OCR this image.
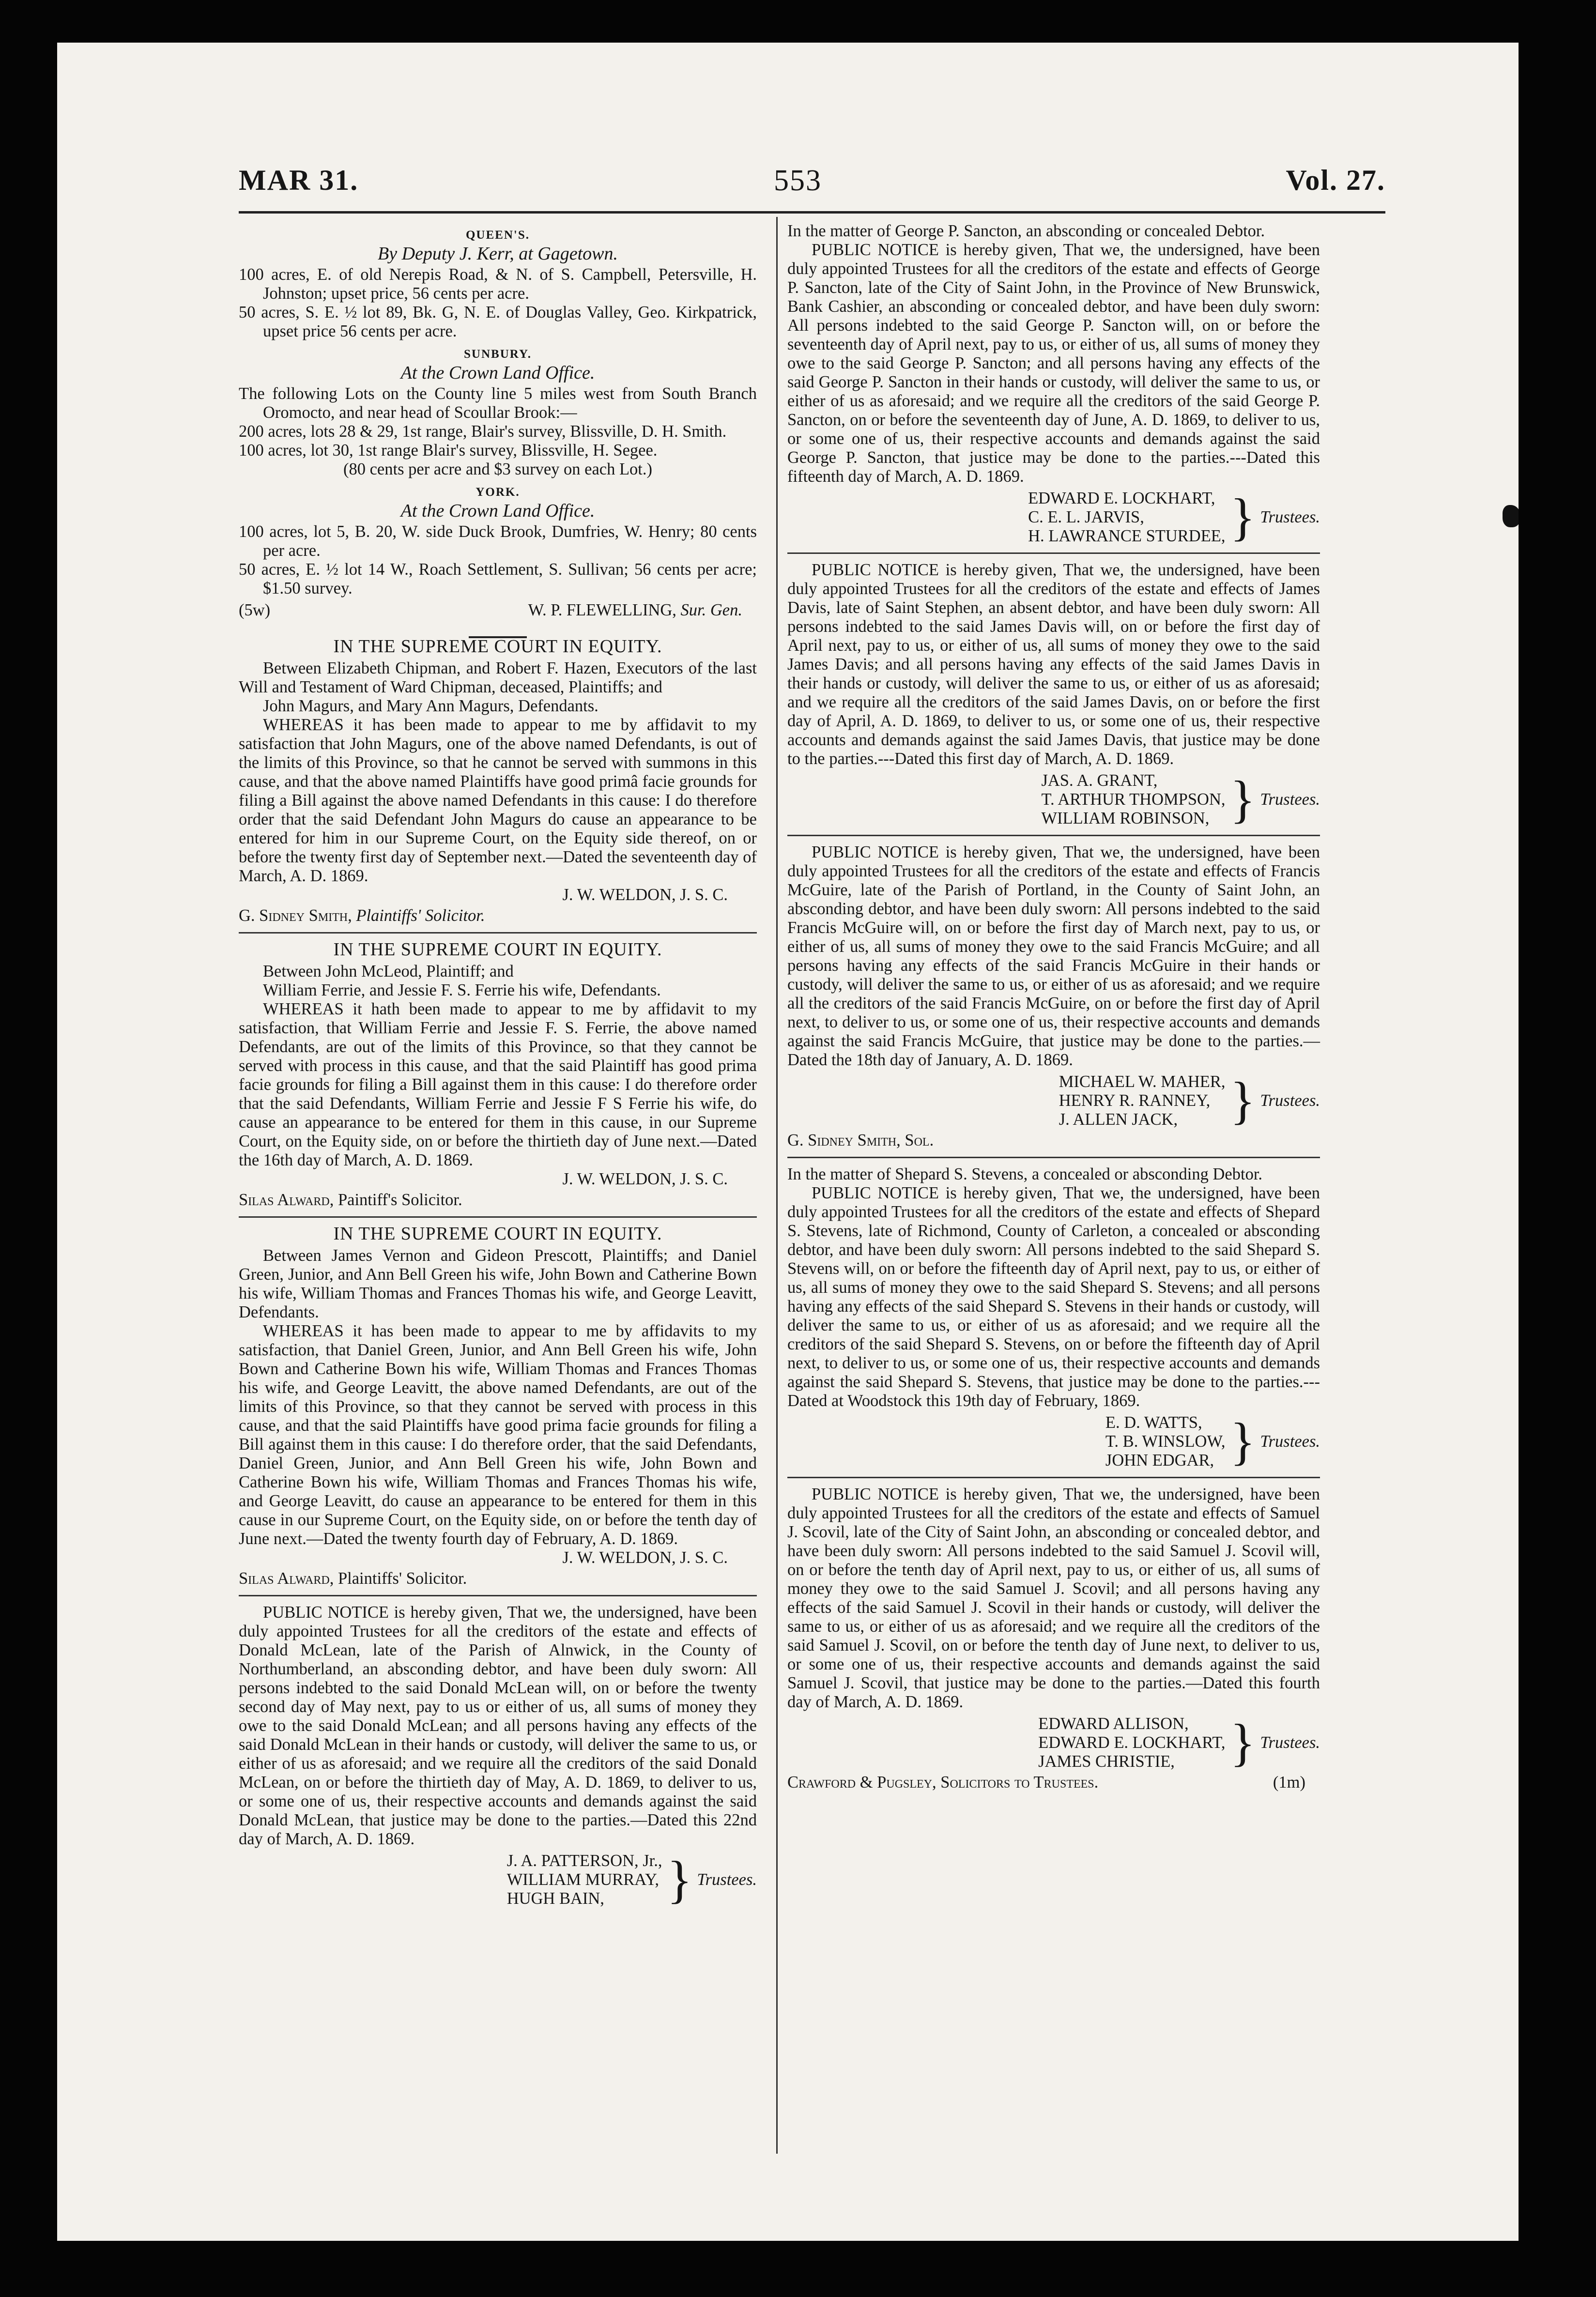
MAR 31.	553	Vol. 27.

QUEEN'S.

By Deputy J. Kerr, at Gagetown.

100 acres, E. of old Nerepis Road, & N. of S. Campbell, Petersville, H. Johnston; upset price, 56 cents per acre.

50 acres, S. E. ½ lot 89, Bk. G, N. E. of Douglas Valley, Geo. Kirkpatrick, upset price 56 cents per acre.

SUNBURY.

At the Crown Land Office.

The following Lots on the County line 5 miles west from South Branch Oromocto, and near head of Scoullar Brook:—

200 acres, lots 28 & 29, 1st range, Blair's survey, Blissville, D. H. Smith.

100 acres, lot 30, 1st range Blair's survey, Blissville, H. Segee.

(80 cents per acre and $3 survey on each Lot.)

YORK.

At the Crown Land Office.

100 acres, lot 5, B. 20, W. side Duck Brook, Dumfries, W. Henry; 80 cents per acre.

50 acres, E. ½ lot 14 W., Roach Settlement, S. Sullivan; 56 cents per acre; $1.50 survey.

(5w)	W. P. FLEWELLING, Sur. Gen.

IN THE SUPREME COURT IN EQUITY.

Between Elizabeth Chipman, and Robert F. Hazen, Executors of the last Will and Testament of Ward Chipman, deceased, Plaintiffs; and

John Magurs, and Mary Ann Magurs, Defendants.

WHEREAS it has been made to appear to me by affidavit to my satisfaction that John Magurs, one of the above named Defendants, is out of the limits of this Province, so that he cannot be served with summons in this cause, and that the above named Plaintiffs have good primâ facie grounds for filing a Bill against the above named Defendants in this cause: I do therefore order that the said Defendant John Magurs do cause an appearance to be entered for him in our Supreme Court, on the Equity side thereof, on or before the twenty first day of September next.—Dated the seventeenth day of March, A. D. 1869.

J. W. WELDON, J. S. C.

G. Sidney Smith, Plaintiffs' Solicitor.

IN THE SUPREME COURT IN EQUITY.

Between John McLeod, Plaintiff; and

William Ferrie, and Jessie F. S. Ferrie his wife, Defendants.

WHEREAS it hath been made to appear to me by affidavit to my satisfaction, that William Ferrie and Jessie F. S. Ferrie, the above named Defendants, are out of the limits of this Province, so that they cannot be served with process in this cause, and that the said Plaintiff has good prima facie grounds for filing a Bill against them in this cause: I do therefore order that the said Defendants, William Ferrie and Jessie F S Ferrie his wife, do cause an appearance to be entered for them in this cause, in our Supreme Court, on the Equity side, on or before the thirtieth day of June next.—Dated the 16th day of March, A. D. 1869.

J. W. WELDON, J. S. C.

Silas Alward, Paintiff's Solicitor.

IN THE SUPREME COURT IN EQUITY.

Between James Vernon and Gideon Prescott, Plaintiffs; and Daniel Green, Junior, and Ann Bell Green his wife, John Bown and Catherine Bown his wife, William Thomas and Frances Thomas his wife, and George Leavitt, Defendants.

WHEREAS it has been made to appear to me by affidavits to my satisfaction, that Daniel Green, Junior, and Ann Bell Green his wife, John Bown and Catherine Bown his wife, William Thomas and Frances Thomas his wife, and George Leavitt, the above named Defendants, are out of the limits of this Province, so that they cannot be served with process in this cause, and that the said Plaintiffs have good prima facie grounds for filing a Bill against them in this cause: I do therefore order, that the said Defendants, Daniel Green, Junior, and Ann Bell Green his wife, John Bown and Catherine Bown his wife, William Thomas and Frances Thomas his wife, and George Leavitt, do cause an appearance to be entered for them in this cause in our Supreme Court, on the Equity side, on or before the tenth day of June next.—Dated the twenty fourth day of February, A. D. 1869.

J. W. WELDON, J. S. C.

Silas Alward, Plaintiffs' Solicitor.

PUBLIC NOTICE is hereby given, That we, the undersigned, have been duly appointed Trustees for all the creditors of the estate and effects of Donald McLean, late of the Parish of Alnwick, in the County of Northumberland, an absconding debtor, and have been duly sworn: All persons indebted to the said Donald McLean will, on or before the twenty second day of May next, pay to us or either of us, all sums of money they owe to the said Donald McLean; and all persons having any effects of the said Donald McLean in their hands or custody, will deliver the same to us, or either of us as aforesaid; and we require all the creditors of the said Donald McLean, on or before the thirtieth day of May, A. D. 1869, to deliver to us, or some one of us, their respective accounts and demands against the said Donald McLean, that justice may be done to the parties.—Dated this 22nd day of March, A. D. 1869.

J. A. PATTERSON, Jr.,
WILLIAM MURRAY,
HUGH BAIN,	} Trustees.

In the matter of George P. Sancton, an absconding or concealed Debtor.

PUBLIC NOTICE is hereby given, That we, the undersigned, have been duly appointed Trustees for all the creditors of the estate and effects of George P. Sancton, late of the City of Saint John, in the Province of New Brunswick, Bank Cashier, an absconding or concealed debtor, and have been duly sworn: All persons indebted to the said George P. Sancton will, on or before the seventeenth day of April next, pay to us, or either of us, all sums of money they owe to the said George P. Sancton; and all persons having any effects of the said George P. Sancton in their hands or custody, will deliver the same to us, or either of us as aforesaid; and we require all the creditors of the said George P. Sancton, on or before the seventeenth day of June, A. D. 1869, to deliver to us, or some one of us, their respective accounts and demands against the said George P. Sancton, that justice may be done to the parties.---Dated this fifteenth day of March, A. D. 1869.

EDWARD E. LOCKHART,
C. E. L. JARVIS,
H. LAWRANCE STURDEE, } Trustees.

PUBLIC NOTICE is hereby given, That we, the undersigned, have been duly appointed Trustees for all the creditors of the estate and effects of James Davis, late of Saint Stephen, an absent debtor, and have been duly sworn: All persons indebted to the said James Davis will, on or before the first day of April next, pay to us, or either of us, all sums of money they owe to the said James Davis; and all persons having any effects of the said James Davis in their hands or custody, will deliver the same to us, or either of us as aforesaid; and we require all the creditors of the said James Davis, on or before the first day of April, A. D. 1869, to deliver to us, or some one of us, their respective accounts and demands against the said James Davis, that justice may be done to the parties.---Dated this first day of March, A. D. 1869.

JAS. A. GRANT,
T. ARTHUR THOMPSON,
WILLIAM ROBINSON, } Trustees.

PUBLIC NOTICE is hereby given, That we, the undersigned, have been duly appointed Trustees for all the creditors of the estate and effects of Francis McGuire, late of the Parish of Portland, in the County of Saint John, an absconding debtor, and have been duly sworn: All persons indebted to the said Francis McGuire will, on or before the first day of March next, pay to us, or either of us, all sums of money they owe to the said Francis McGuire; and all persons having any effects of the said Francis McGuire in their hands or custody, will deliver the same to us, or either of us as aforesaid; and we require all the creditors of the said Francis McGuire, on or before the first day of April next, to deliver to us, or some one of us, their respective accounts and demands against the said Francis McGuire, that justice may be done to the parties.—Dated the 18th day of January, A. D. 1869.

MICHAEL W. MAHER,
HENRY R. RANNEY,
J. ALLEN JACK,	} Trustees.

G. Sidney Smith, Sol.

In the matter of Shepard S. Stevens, a concealed or absconding Debtor.

PUBLIC NOTICE is hereby given, That we, the undersigned, have been duly appointed Trustees for all the creditors of the estate and effects of Shepard S. Stevens, late of Richmond, County of Carleton, a concealed or absconding debtor, and have been duly sworn: All persons indebted to the said Shepard S. Stevens will, on or before the fifteenth day of April next, pay to us, or either of us, all sums of money they owe to the said Shepard S. Stevens; and all persons having any effects of the said Shepard S. Stevens in their hands or custody, will deliver the same to us, or either of us as aforesaid; and we require all the creditors of the said Shepard S. Stevens, on or before the fifteenth day of April next, to deliver to us, or some one of us, their respective accounts and demands against the said Shepard S. Stevens, that justice may be done to the parties.---Dated at Woodstock this 19th day of February, 1869.

E. D. WATTS,
T. B. WINSLOW,
JOHN EDGAR, } Trustees.

PUBLIC NOTICE is hereby given, That we, the undersigned, have been duly appointed Trustees for all the creditors of the estate and effects of Samuel J. Scovil, late of the City of Saint John, an absconding or concealed debtor, and have been duly sworn: All persons indebted to the said Samuel J. Scovil will, on or before the tenth day of April next, pay to us, or either of us, all sums of money they owe to the said Samuel J. Scovil; and all persons having any effects of the said Samuel J. Scovil in their hands or custody, will deliver the same to us, or either of us as aforesaid; and we require all the creditors of the said Samuel J. Scovil, on or before the tenth day of June next, to deliver to us, or some one of us, their respective accounts and demands against the said Samuel J. Scovil, that justice may be done to the parties.—Dated this fourth day of March, A. D. 1869.

EDWARD ALLISON,
EDWARD E. LOCKHART,
JAMES CHRISTIE,	} Trustees.
Crawford & Pugsley, Solicitors to Trustees.	(1m)
